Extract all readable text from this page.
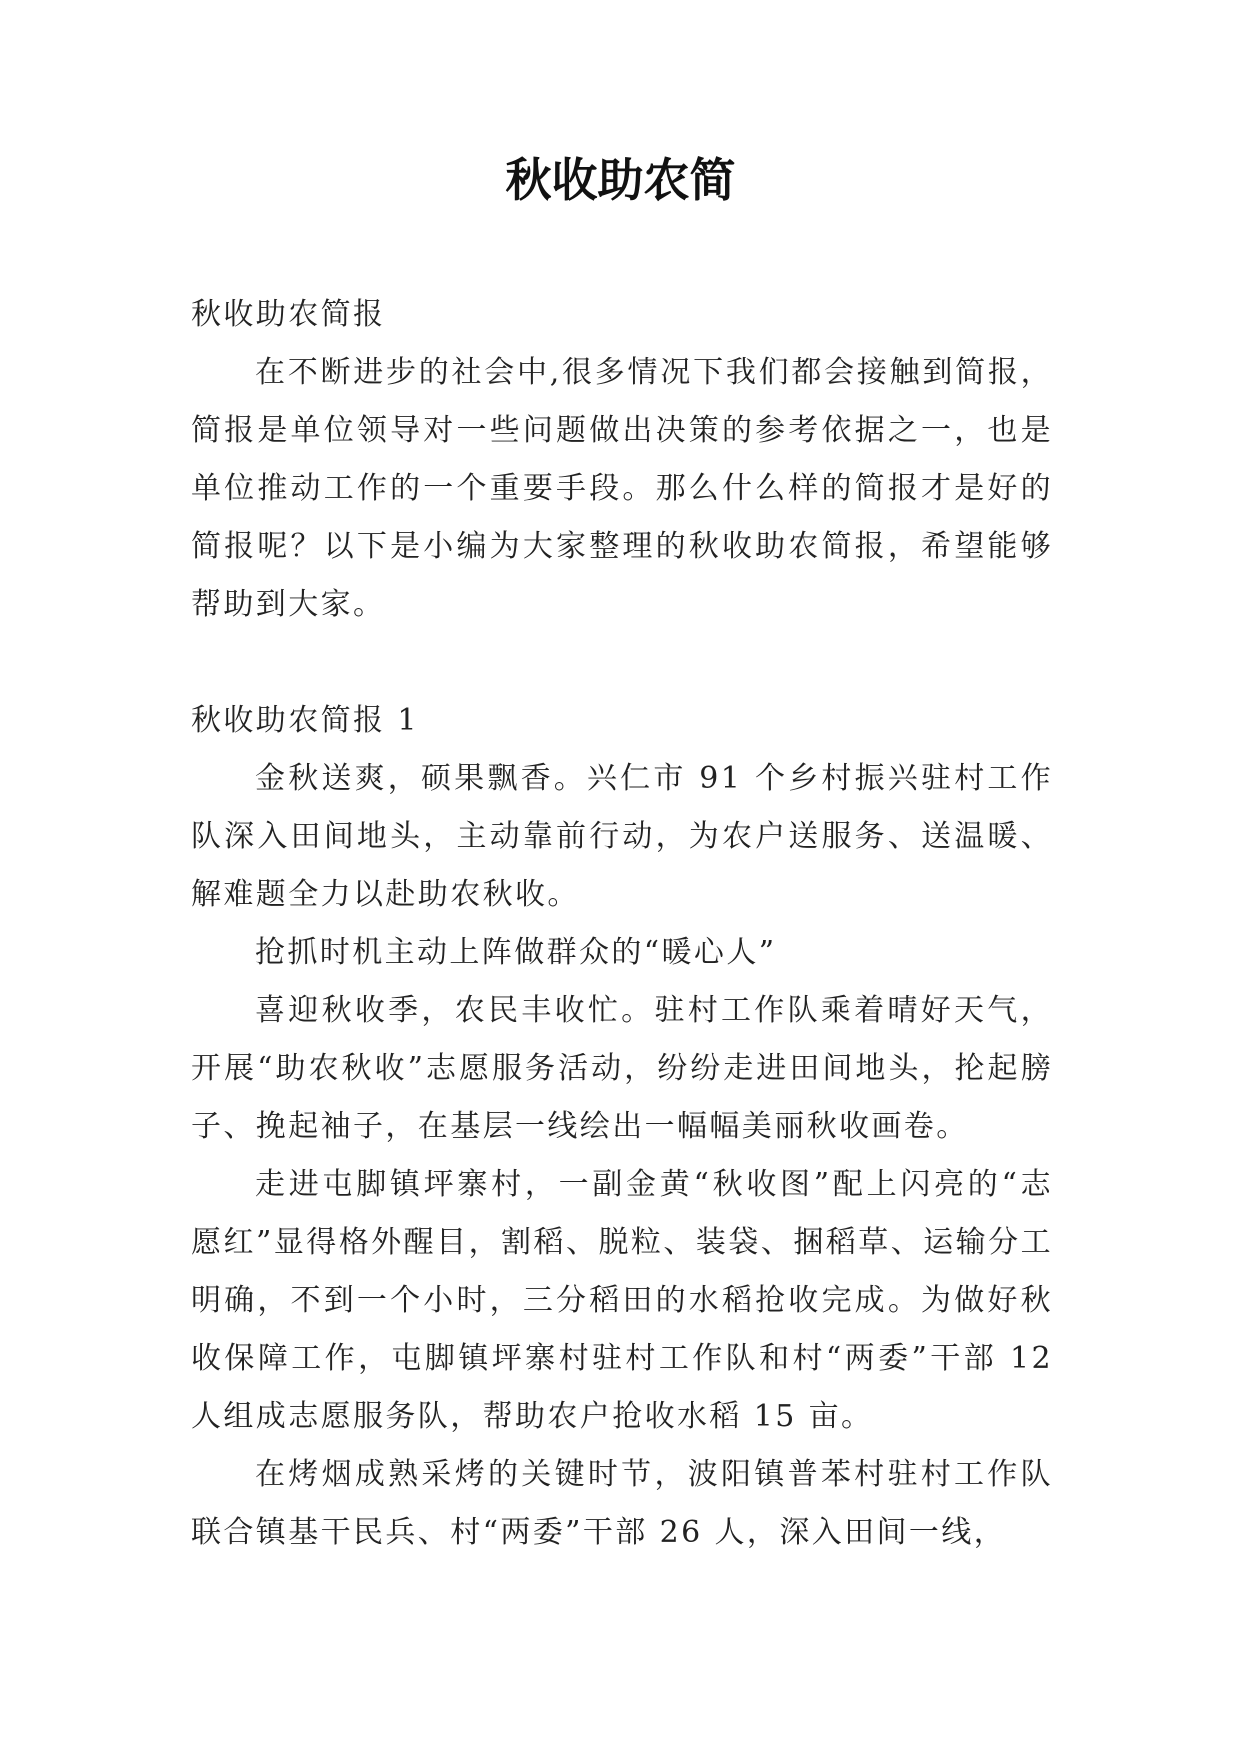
秋收助农简

秋收助农简报

在不断进步的社会中,很多情况下我们都会接触到简报，简报是单位领导对一些问题做出决策的参考依据之一，也是单位推动工作的一个重要手段。那么什么样的简报才是好的简报呢？以下是小编为大家整理的秋收助农简报，希望能够帮助到大家。

秋收助农简报 1

金秋送爽，硕果飘香。兴仁市 91 个乡村振兴驻村工作队深入田间地头，主动靠前行动，为农户送服务、送温暖、解难题全力以赴助农秋收。

抢抓时机主动上阵做群众的“暖心人”

喜迎秋收季，农民丰收忙。驻村工作队乘着晴好天气，开展“助农秋收”志愿服务活动，纷纷走进田间地头，抡起膀子、挽起袖子，在基层一线绘出一幅幅美丽秋收画卷。

走进屯脚镇坪寨村，一副金黄“秋收图”配上闪亮的“志愿红”显得格外醒目，割稻、脱粒、装袋、捆稻草、运输分工明确，不到一个小时，三分稻田的水稻抢收完成。为做好秋收保障工作，屯脚镇坪寨村驻村工作队和村“两委”干部 12 人组成志愿服务队，帮助农户抢收水稻 15 亩。

在烤烟成熟采烤的关键时节，波阳镇普苯村驻村工作队联合镇基干民兵、村“两委”干部 26 人，深入田间一线，
